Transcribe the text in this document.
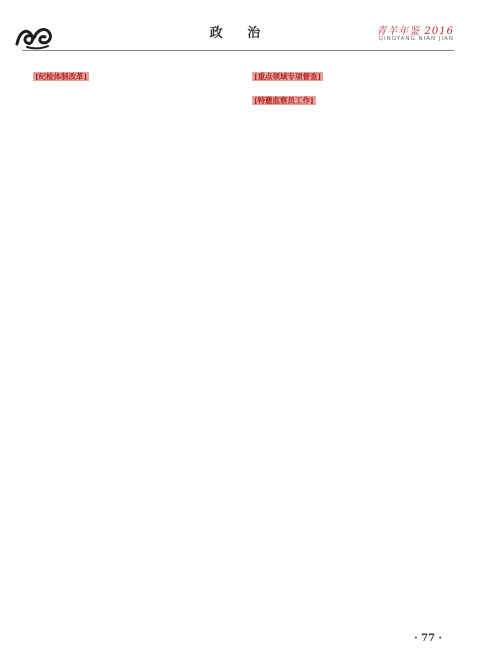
政 治	青羊年鉴 2016
QINGYANG NIAN JIAN

[ 纪检体制改革 ]

[	重点领域专项督查 ]

[ 特邀监察员工作 ]

· 77 ·
